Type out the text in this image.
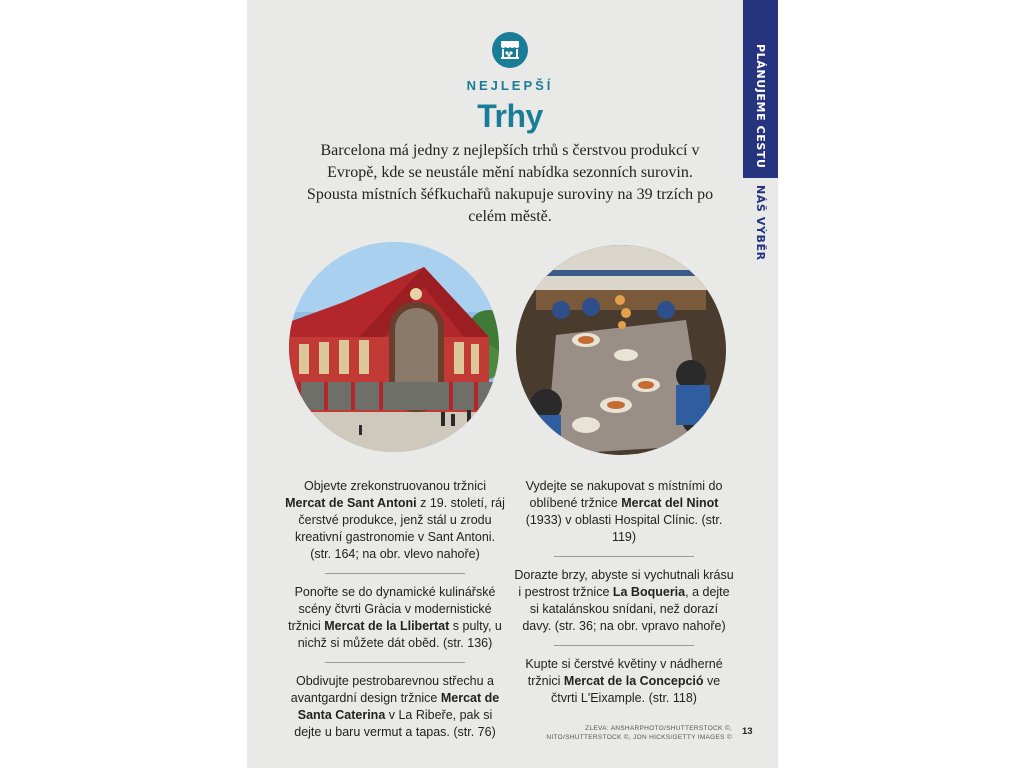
PLÁNUJEME CESTU
NÁŠ VÝBĚR
NEJLEPŠÍ
Trhy
Barcelona má jedny z nejlepších trhů s čerstvou produkcí v Evropě, kde se neustále mění nabídka sezonních surovin. Spousta místních šéfkuchařů nakupuje suroviny na 39 trzích po celém městě.

Objevte zrekonstruovanou tržnici Mercat de Sant Antoni z 19. století, ráj čerstvé produkce, jenž stál u zrodu kreativní gastronomie v Sant Antoni. (str. 164; na obr. vlevo nahoře)

Ponořte se do dynamické kulinářské scény čtvrti Gràcia v modernistické tržnici Mercat de la Llibertat s pulty, u nichž si můžete dát oběd. (str. 136)

Obdivujte pestrobarevnou střechu a avantgardní design tržnice Mercat de Santa Caterina v La Ribeře, pak si dejte u baru vermut a tapas. (str. 76)

Vydejte se nakupovat s místními do oblíbené tržnice Mercat del Ninot (1933) v oblasti Hospital Clínic. (str. 119)

Dorazte brzy, abyste si vychutnali krásu i pestrost tržnice La Boqueria, a dejte si katalánskou snídani, než dorazí davy. (str. 36; na obr. vpravo nahoře)

Kupte si čerstvé květiny v nádherné tržnici Mercat de la Concepció ve čtvrti L'Eixample. (str. 118)

ZLEVA: ANSHARPHOTO/SHUTTERSTOCK ©,
NITO/SHUTTERSTOCK ©, JON HICKS/GETTY IMAGES ©
13
